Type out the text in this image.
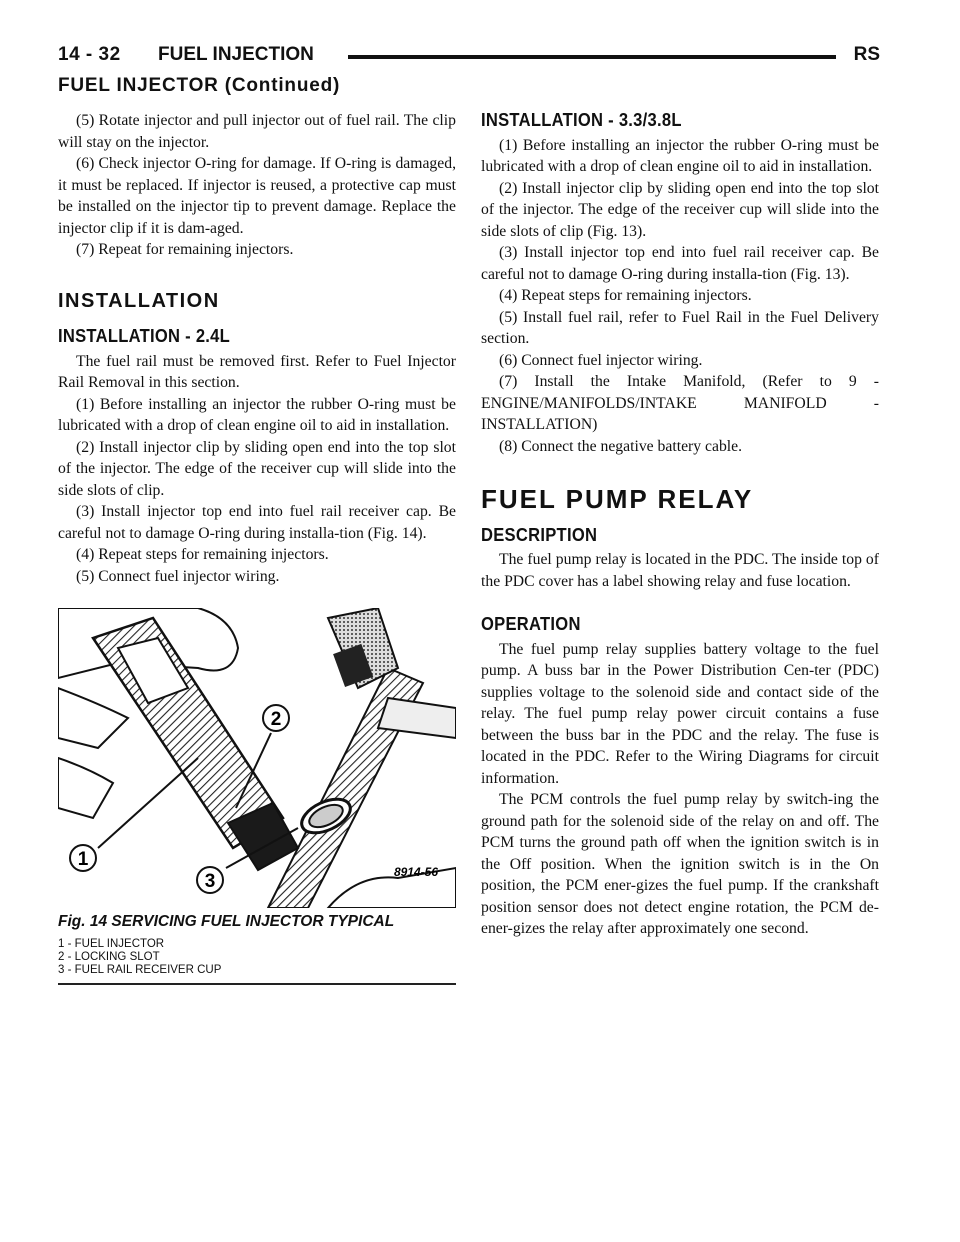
14 - 32 FUEL INJECTION	RS
FUEL INJECTOR (Continued)

(5) Rotate injector and pull injector out of fuel rail. The clip will stay on the injector.

(6) Check injector O-ring for damage. If O-ring is damaged, it must be replaced. If injector is reused, a protective cap must be installed on the injector tip to prevent damage. Replace the injector clip if it is dam-aged.

(7) Repeat for remaining injectors.

INSTALLATION
INSTALLATION - 2.4L

The fuel rail must be removed first. Refer to Fuel Injector Rail Removal in this section.

(1) Before installing an injector the rubber O-ring must be lubricated with a drop of clean engine oil to aid in installation.

(2) Install injector clip by sliding open end into the top slot of the injector. The edge of the receiver cup will slide into the side slots of clip.

(3) Install injector top end into fuel rail receiver cap. Be careful not to damage O-ring during installa-tion (Fig. 14).

(4) Repeat steps for remaining injectors.

(5) Connect fuel injector wiring.

1
2
3	8914-56
Fig. 14 SERVICING FUEL INJECTOR TYPICAL
1 - FUEL INJECTOR
2 - LOCKING SLOT
3 - FUEL RAIL RECEIVER CUP
INSTALLATION - 3.3/3.8L

(1) Before installing an injector the rubber O-ring must be lubricated with a drop of clean engine oil to aid in installation.

(2) Install injector clip by sliding open end into the top slot of the injector. The edge of the receiver cup will slide into the side slots of clip (Fig. 13).

(3) Install injector top end into fuel rail receiver cap. Be careful not to damage O-ring during installa-tion (Fig. 13).

(4) Repeat steps for remaining injectors.

(5) Install fuel rail, refer to Fuel Rail in the Fuel Delivery section.

(6) Connect fuel injector wiring.

(7) Install the Intake Manifold, (Refer to 9 - ENGINE/MANIFOLDS/INTAKE MANIFOLD - INSTALLATION)

(8) Connect the negative battery cable.

FUEL PUMP RELAY
DESCRIPTION

The fuel pump relay is located in the PDC. The inside top of the PDC cover has a label showing relay and fuse location.

OPERATION

The fuel pump relay supplies battery voltage to the fuel pump. A buss bar in the Power Distribution Cen-ter (PDC) supplies voltage to the solenoid side and contact side of the relay. The fuel pump relay power circuit contains a fuse between the buss bar in the PDC and the relay. The fuse is located in the PDC. Refer to the Wiring Diagrams for circuit information.

The PCM controls the fuel pump relay by switch-ing the ground path for the solenoid side of the relay on and off. The PCM turns the ground path off when the ignition switch is in the Off position. When the ignition switch is in the On position, the PCM ener-gizes the fuel pump. If the crankshaft position sensor does not detect engine rotation, the PCM de-ener-gizes the relay after approximately one second.
